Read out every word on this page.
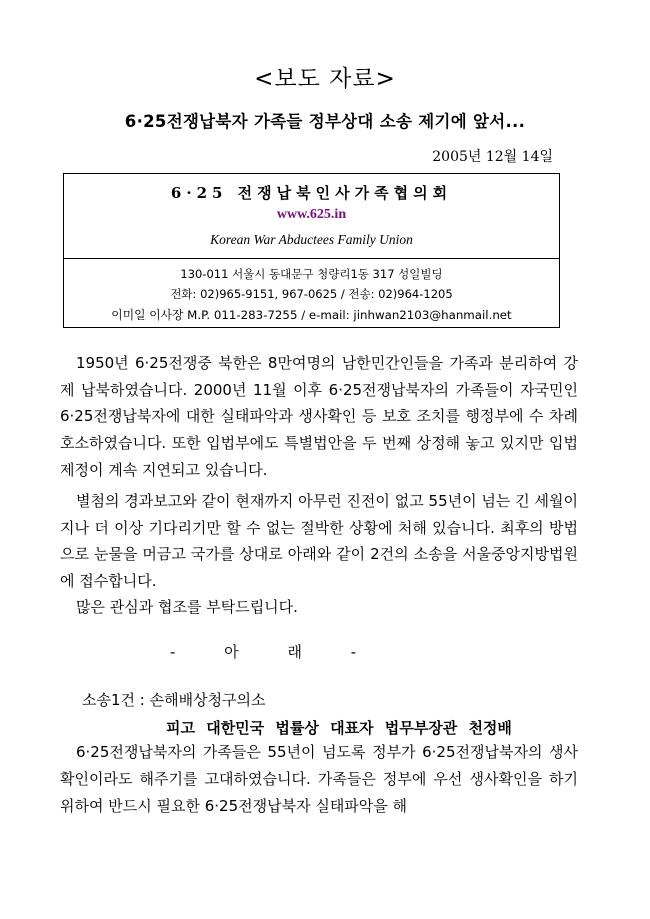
<보도 자료>
6·25전쟁납북자 가족들 정부상대 소송 제기에 앞서...
2005년 12월 14일
6·25 전쟁납북인사가족협의회
www.625.in
Korean War Abductees Family Union
130-011 서울시 동대문구 청량리1동 317 성일빌딩
전화: 02)965-9151, 967-0625 / 전송: 02)964-1205
이미일 이사장 M.P. 011-283-7255 / e-mail: jinhwan2103@hanmail.net
1950년 6·25전쟁중 북한은 8만여명의 남한민간인들을 가족과 분리하여 강제 납북하였습니다. 2000년 11월 이후 6·25전쟁납북자의 가족들이 자국민인 6·25전쟁납북자에 대한 실태파악과 생사확인 등 보호 조치를 행정부에 수 차례 호소하였습니다. 또한 입법부에도 특별법안을 두 번째 상정해 놓고 있지만 입법 제정이 계속 지연되고 있습니다.
별첨의 경과보고와 같이 현재까지 아무런 진전이 없고 55년이 넘는 긴 세월이 지나 더 이상 기다리기만 할 수 없는 절박한 상황에 처해 있습니다. 최후의 방법으로 눈물을 머금고 국가를 상대로 아래와 같이 2건의 소송을 서울중앙지방법원에 접수합니다.
많은 관심과 협조를 부탁드립니다.
- 아 래 -
소송1건 : 손해배상청구의소
피고 대한민국 법률상 대표자 법무부장관 천정배
6·25전쟁납북자의 가족들은 55년이 넘도록 정부가 6·25전쟁납북자의 생사확인이라도 해주기를 고대하였습니다. 가족들은 정부에 우선 생사확인을 하기 위하여 반드시 필요한 6·25전쟁납북자 실태파악을 해
